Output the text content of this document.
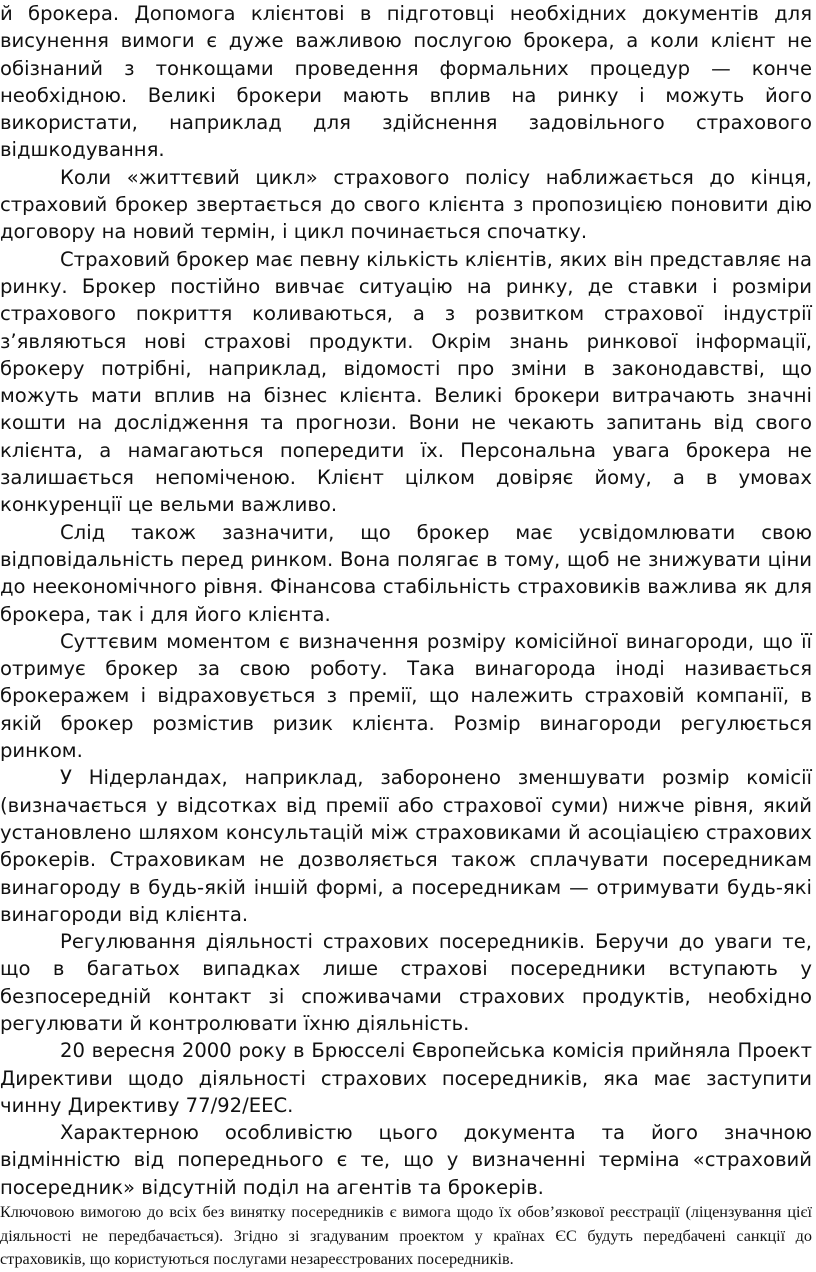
й брокера. Допомога клієнтові в підготовці необхідних документів для висунення вимоги є дуже важливою послугою брокера, а коли клієнт не обізнаний з тонкощами проведення формальних процедур — конче необхідною. Великі брокери мають вплив на ринку і можуть його використати, наприклад для здійснення задовільного страхового відшкодування.

Коли «життєвий цикл» страхового полісу наближається до кінця, страховий брокер звертається до свого клієнта з пропозицією поновити дію договору на новий термін, і цикл починається спочатку.

Страховий брокер має певну кількість клієнтів, яких він представляє на ринку. Брокер постійно вивчає ситуацію на ринку, де ставки і розміри страхового покриття коливаються, а з розвитком страхової індустрії з’являються нові страхові продукти. Окрім знань ринкової інформації, брокеру потрібні, наприклад, відомості про зміни в законодавстві, що можуть мати вплив на бізнес клієнта. Великі брокери витрачають значні кошти на дослідження та прогнози. Вони не чекають запитань від свого клієнта, а намагаються попередити їх. Персональна увага брокера не залишається непоміченою. Клієнт цілком довіряє йому, а в умовах конкуренції це вельми важливо.

Слід також зазначити, що брокер має усвідомлювати свою відповідальність перед ринком. Вона полягає в тому, щоб не знижувати ціни до неекономічного рівня. Фінансова стабільність страховиків важлива як для брокера, так і для його клієнта.

Суттєвим моментом є визначення розміру комісійної винагороди, що її отримує брокер за свою роботу. Така винагорода іноді називається брокеражем і відраховується з премії, що належить страховій компанії, в якій брокер розмістив ризик клієнта. Розмір винагороди регулюється ринком.

У Нідерландах, наприклад, заборонено зменшувати розмір комісії (визначається у відсотках від премії або страхової суми) нижче рівня, який установлено шляхом консультацій між страховиками й асоціацією страхових брокерів. Страховикам не дозволяється також сплачувати посередникам винагороду в будь-якій іншій формі, а посередникам — отримувати будь-які винагороди від клієнта.

Регулювання діяльності страхових посередників. Беручи до уваги те, що в багатьох випадках лише страхові посередники вступають у безпосередній контакт зі споживачами страхових продуктів, необхідно регулювати й контролювати їхню діяльність.

20 вересня 2000 року в Брюсселі Європейська комісія прийняла Проект Директиви щодо діяльності страхових посередників, яка має заступити чинну Директиву 77/92/ЕЕС.

Характерною особливістю цього документа та його значною відмінністю від попереднього є те, що у визначенні терміна «страховий посередник» відсутній поділ на агентів та брокерів.

Ключовою вимогою до всіх без винятку посередників є вимога щодо їх обов’язкової реєстрації (ліцензування цієї діяльності не передбачається). Згідно зі згадуваним проектом у країнах ЄС будуть передбачені санкції до страховиків, що користуються послугами незареєстрованих посередників.
